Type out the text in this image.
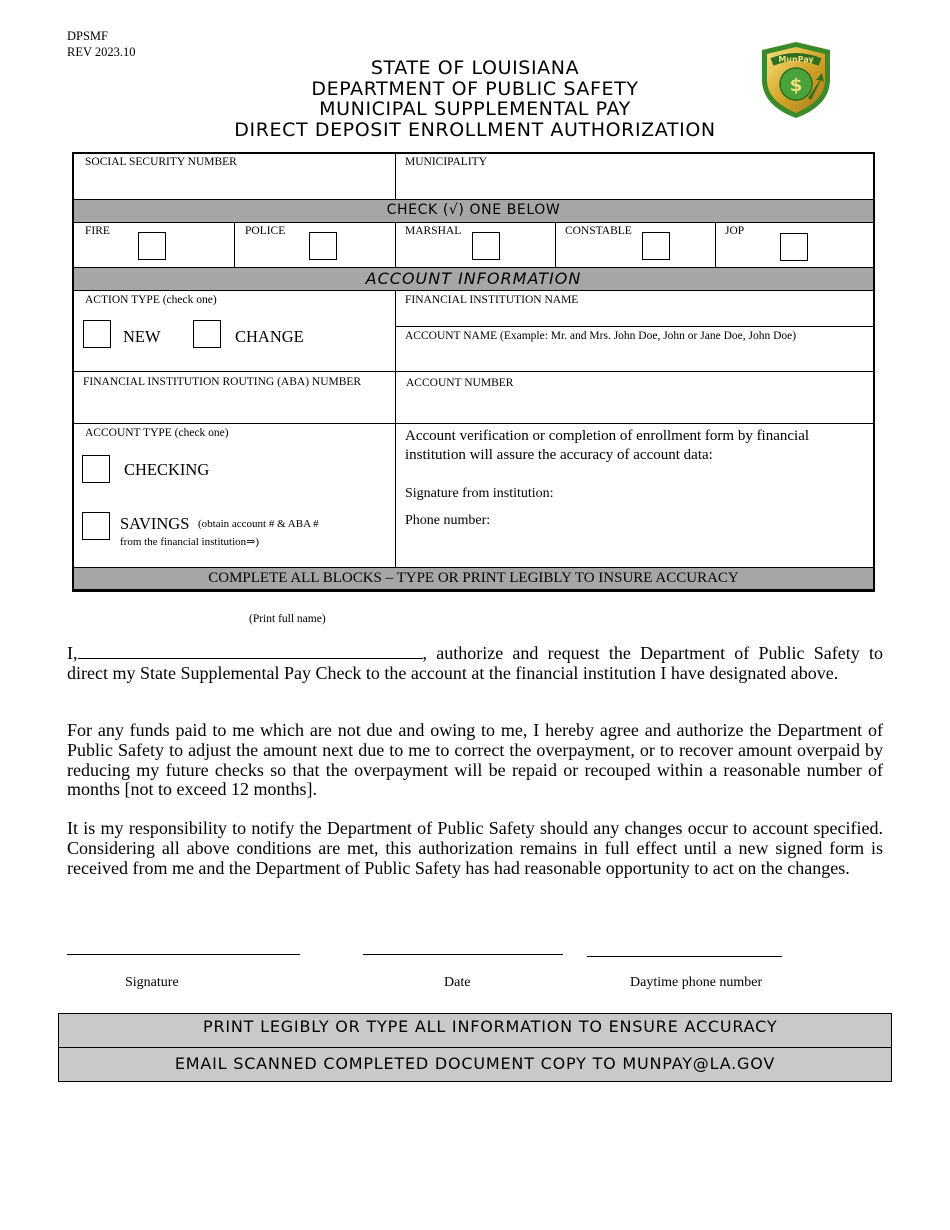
DPSMF
REV 2023.10
STATE OF LOUISIANA
DEPARTMENT OF PUBLIC SAFETY
MUNICIPAL SUPPLEMENTAL PAY
DIRECT DEPOSIT ENROLLMENT AUTHORIZATION
$
MunPay
SOCIAL SECURITY NUMBER	MUNICIPALITY
CHECK (√) ONE BELOW
FIRE	POLICE	MARSHAL	CONSTABLE	JOP
ACCOUNT INFORMATION
ACTION TYPE (check one)
NEW	CHANGE
FINANCIAL INSTITUTION NAME
ACCOUNT NAME (Example: Mr. and Mrs. John Doe, John or Jane Doe, John Doe)
FINANCIAL INSTITUTION ROUTING (ABA) NUMBER	ACCOUNT NUMBER
ACCOUNT TYPE (check one)
CHECKING
SAVINGS (obtain account # & ABA #
from the financial institution⇒)
Account verification or completion of enrollment form by financial institution will assure the accuracy of account data:
Signature from institution:
Phone number:
COMPLETE ALL BLOCKS – TYPE OR PRINT LEGIBLY TO INSURE ACCURACY
(Print full name)
I,	, authorize and request the Department of Public Safety to direct my State Supplemental Pay Check to the account at the financial institution I have designated above.
For any funds paid to me which are not due and owing to me, I hereby agree and authorize the Department of Public Safety to adjust the amount next due to me to correct the overpayment, or to recover amount overpaid by reducing my future checks so that the overpayment will be repaid or recouped within a reasonable number of months [not to exceed 12 months].
It is my responsibility to notify the Department of Public Safety should any changes occur to account specified. Considering all above conditions are met, this authorization remains in full effect until a new signed form is received from me and the Department of Public Safety has had reasonable opportunity to act on the changes.
Signature	Date	Daytime phone number
PRINT LEGIBLY OR TYPE ALL INFORMATION TO ENSURE ACCURACY
EMAIL SCANNED COMPLETED DOCUMENT COPY TO MUNPAY@LA.GOV
